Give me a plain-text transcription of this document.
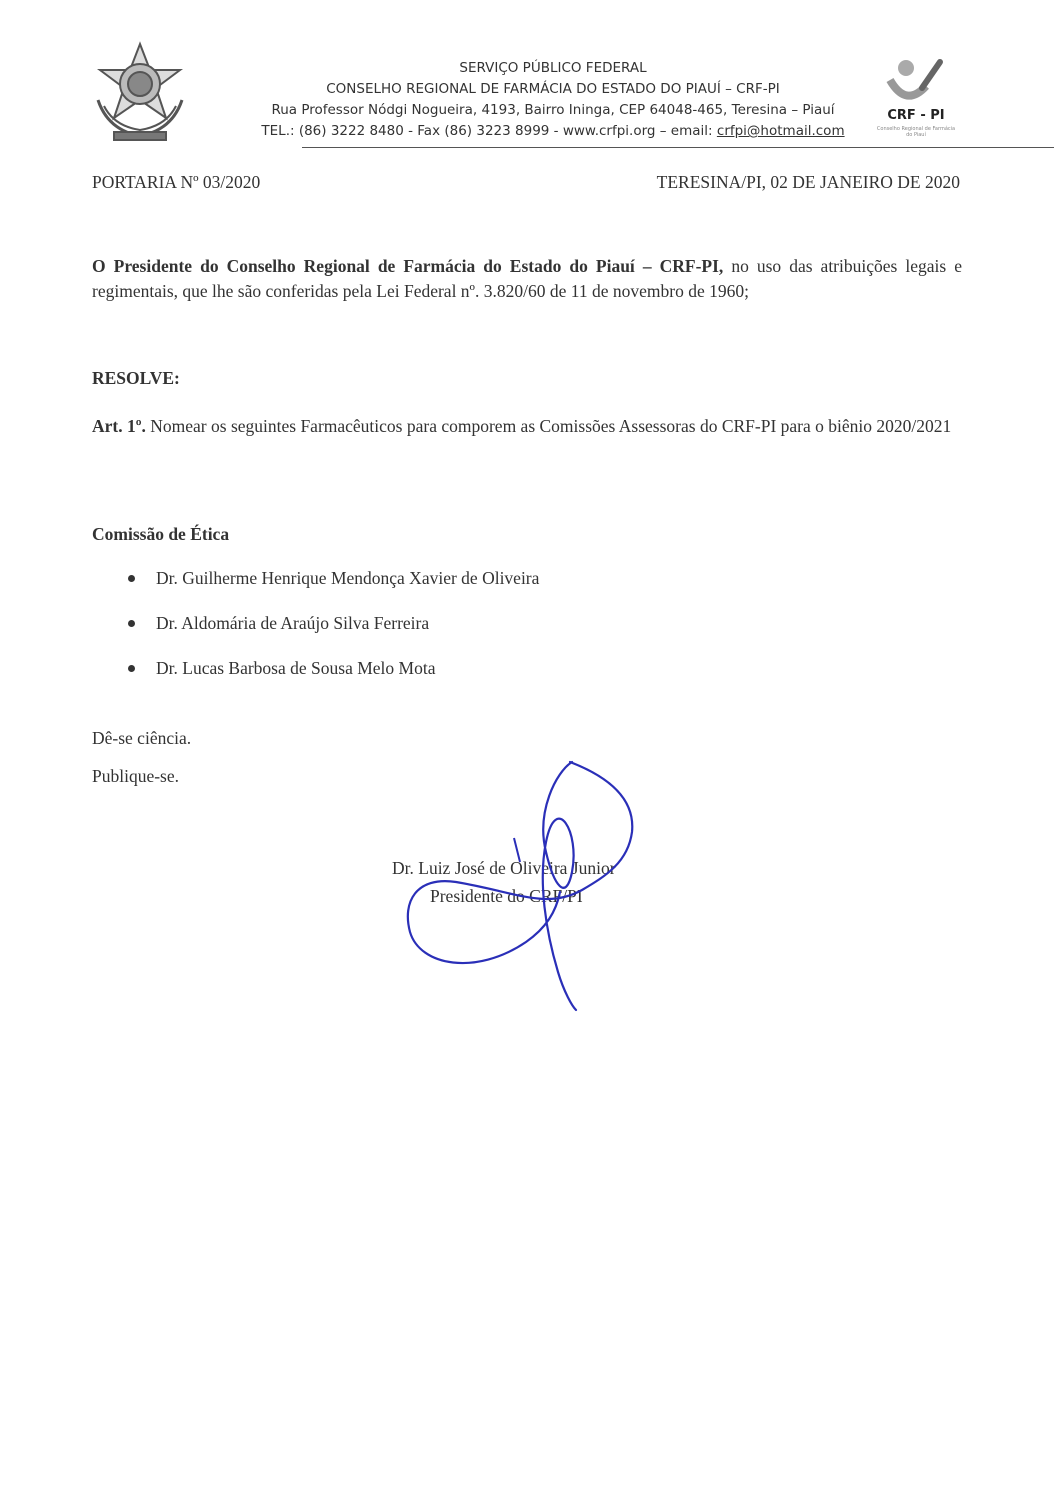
SERVIÇO PÚBLICO FEDERAL
CONSELHO REGIONAL DE FARMÁCIA DO ESTADO DO PIAUÍ – CRF-PI
Rua Professor Nódgi Nogueira, 4193, Bairro Ininga, CEP 64048-465, Teresina – Piauí
TEL.: (86) 3222 8480 - Fax (86) 3223 8999 - www.crfpi.org – email: crfpi@hotmail.com
CRF - PI
Conselho Regional de Farmácia do Piauí
PORTARIA Nº 03/2020	TERESINA/PI, 02 DE JANEIRO DE 2020
O Presidente do Conselho Regional de Farmácia do Estado do Piauí – CRF-PI, no uso das atribuições legais e regimentais, que lhe são conferidas pela Lei Federal nº. 3.820/60 de 11 de novembro de 1960;
RESOLVE:
Art. 1º. Nomear os seguintes Farmacêuticos para comporem as Comissões Assessoras do CRF-PI para o biênio 2020/2021
Comissão de Ética
Dr. Guilherme Henrique Mendonça Xavier de Oliveira
Dr. Aldomária de Araújo Silva Ferreira
Dr. Lucas Barbosa de Sousa Melo Mota
Dê-se ciência.
Publique-se.
Dr. Luiz José de Oliveira Junior
Presidente do CRF/PI
